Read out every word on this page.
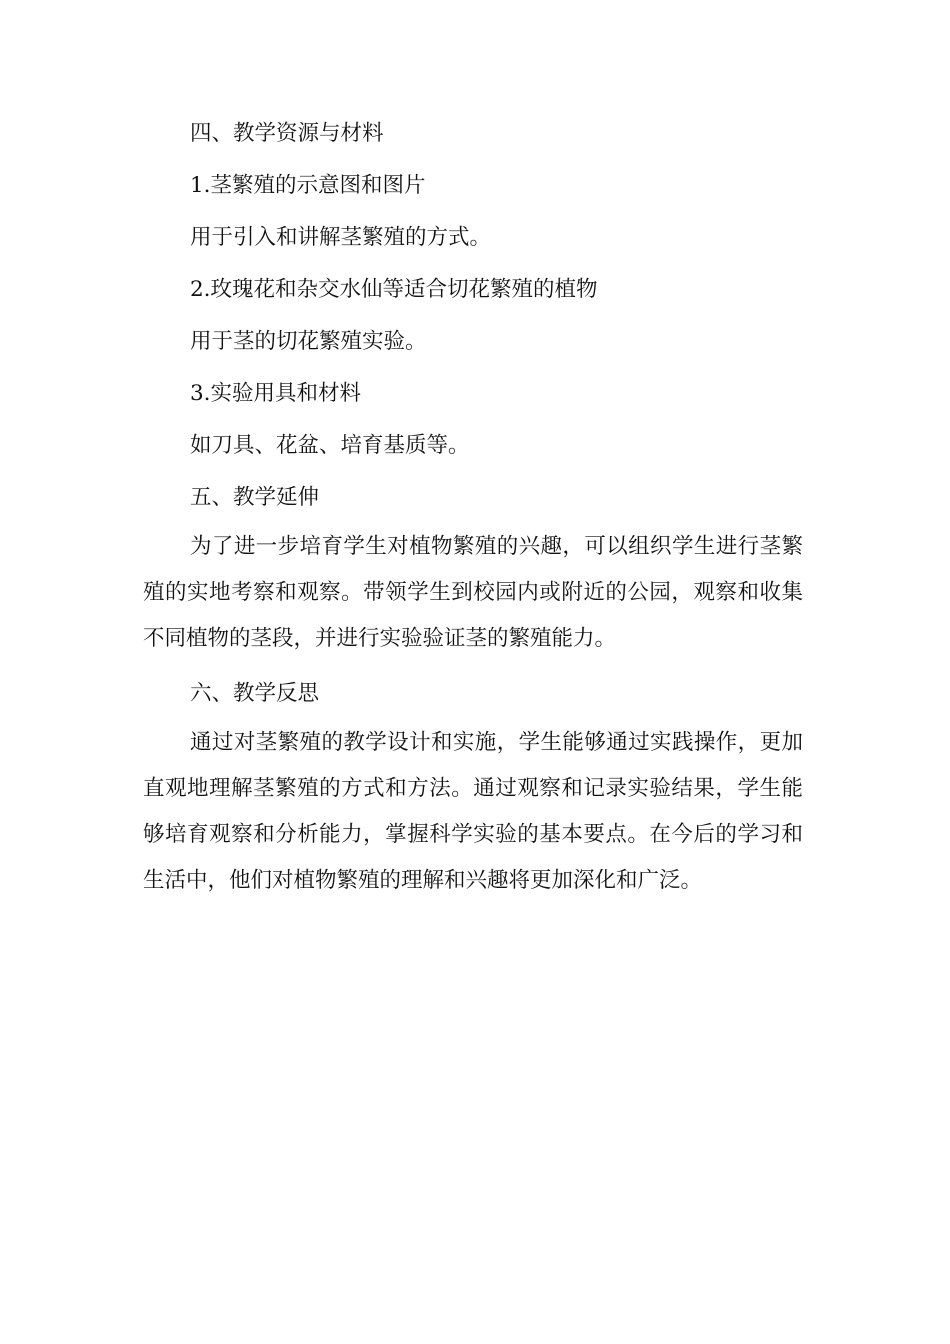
四、教学资源与材料

1.茎繁殖的示意图和图片

用于引入和讲解茎繁殖的方式。

2.玫瑰花和杂交水仙等适合切花繁殖的植物

用于茎的切花繁殖实验。

3.实验用具和材料

如刀具、花盆、培育基质等。

五、教学延伸

为了进一步培育学生对植物繁殖的兴趣，可以组织学生进行茎繁殖的实地考察和观察。带领学生到校园内或附近的公园，观察和收集不同植物的茎段，并进行实验验证茎的繁殖能力。

六、教学反思

通过对茎繁殖的教学设计和实施，学生能够通过实践操作，更加直观地理解茎繁殖的方式和方法。通过观察和记录实验结果，学生能够培育观察和分析能力，掌握科学实验的基本要点。在今后的学习和生活中，他们对植物繁殖的理解和兴趣将更加深化和广泛。
